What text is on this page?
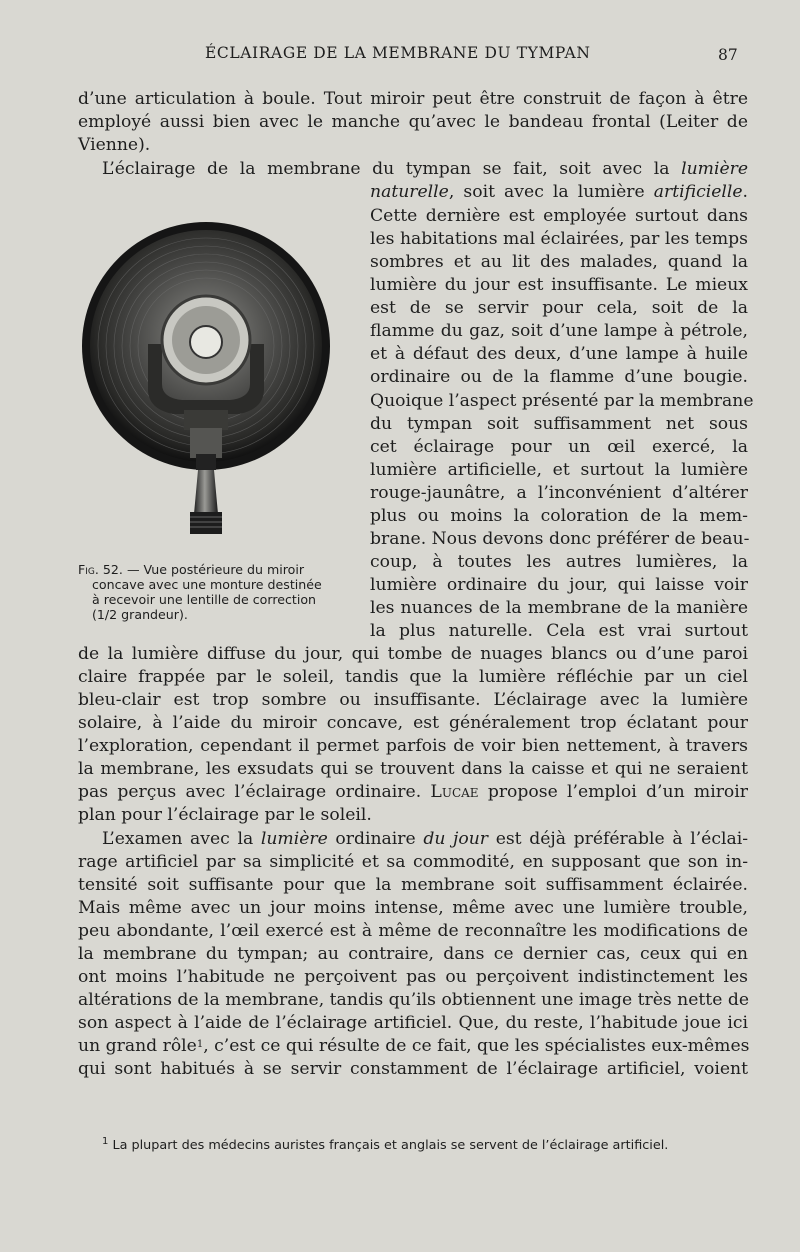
ÉCLAIRAGE DE LA MEMBRANE DU TYMPAN	87
d’une articulation à boule. Tout miroir peut être construit de façon à être
employé aussi bien avec le manche qu’avec le bandeau frontal (Leiter de
Vienne).
L’éclairage de la membrane du tympan se fait, soit avec la lumière
naturelle, soit avec la lumière artificielle.
Cette dernière est employée surtout dans
les habitations mal éclairées, par les temps
sombres et au lit des malades, quand la
lumière du jour est insuffisante. Le mieux
est de se servir pour cela, soit de la
flamme du gaz, soit d’une lampe à pétrole,
et à défaut des deux, d’une lampe à huile
ordinaire ou de la flamme d’une bougie.
Quoique l’aspect présenté par la membrane
du tympan soit suffisamment net sous
cet éclairage pour un œil exercé, la
lumière artificielle, et surtout la lumière
rouge-jaunâtre, a l’inconvénient d’altérer
plus ou moins la coloration de la mem-
brane. Nous devons donc préférer de beau-
coup, à toutes les autres lumières, la
lumière ordinaire du jour, qui laisse voir
les nuances de la membrane de la manière
la plus naturelle. Cela est vrai surtout
de la lumière diffuse du jour, qui tombe de nuages blancs ou d’une paroi
claire frappée par le soleil, tandis que la lumière réfléchie par un ciel
bleu-clair est trop sombre ou insuffisante. L’éclairage avec la lumière
solaire, à l’aide du miroir concave, est généralement trop éclatant pour
l’exploration, cependant il permet parfois de voir bien nettement, à travers
la membrane, les exsudats qui se trouvent dans la caisse et qui ne seraient
pas perçus avec l’éclairage ordinaire. Lucae propose l’emploi d’un miroir
plan pour l’éclairage par le soleil.
L’examen avec la lumière ordinaire du jour est déjà préférable à l’éclai-
rage artificiel par sa simplicité et sa commodité, en supposant que son in-
tensité soit suffisante pour que la membrane soit suffisamment éclairée.
Mais même avec un jour moins intense, même avec une lumière trouble,
peu abondante, l’œil exercé est à même de reconnaître les modifications de
la membrane du tympan; au contraire, dans ce dernier cas, ceux qui en
ont moins l’habitude ne perçoivent pas ou perçoivent indistinctement les
altérations de la membrane, tandis qu’ils obtiennent une image très nette de
son aspect à l’aide de l’éclairage artificiel. Que, du reste, l’habitude joue ici
un grand rôle$^1$, c’est ce qui résulte de ce fait, que les spécialistes eux-mêmes
qui sont habitués à se servir constamment de l’éclairage artificiel, voient
Fig. 52. — Vue postérieure du miroir
concave avec une monture destinée
à recevoir une lentille de correction
(1/2 grandeur).
$^1$ La plupart des médecins auristes français et anglais se servent de l’éclairage artificiel.
